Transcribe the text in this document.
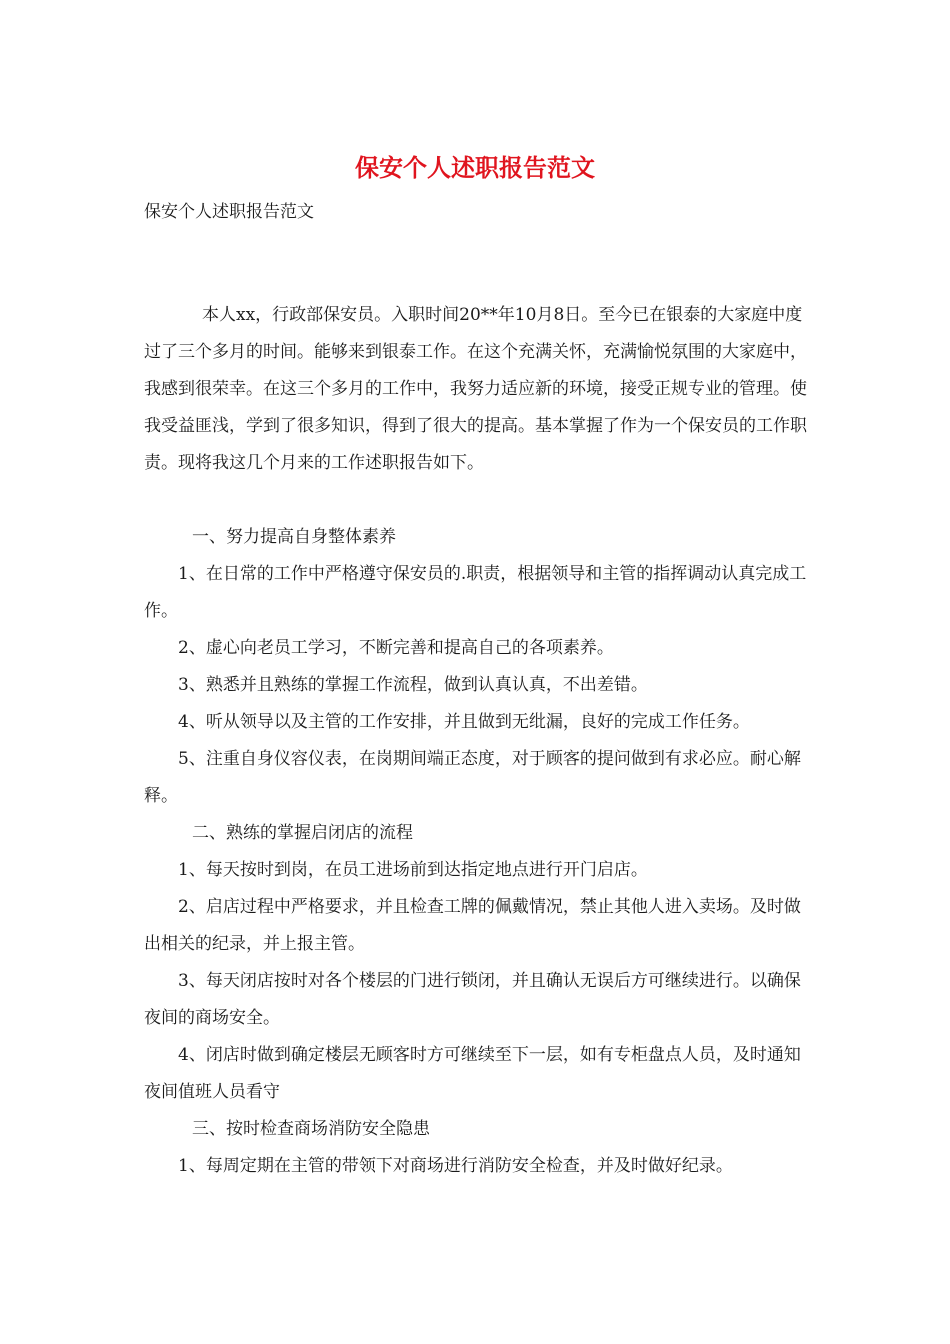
保安个人述职报告范文
保安个人述职报告范文

本人xx，行政部保安员。入职时间20**年10月8日。至今已在银泰的大家庭中度过了三个多月的时间。能够来到银泰工作。在这个充满关怀，充满愉悦氛围的大家庭中，我感到很荣幸。在这三个多月的工作中，我努力适应新的环境，接受正规专业的管理。使我受益匪浅，学到了很多知识，得到了很大的提高。基本掌握了作为一个保安员的工作职责。现将我这几个月来的工作述职报告如下。

一、努力提高自身整体素养

1、在日常的工作中严格遵守保安员的.职责，根据领导和主管的指挥调动认真完成工作。

2、虚心向老员工学习，不断完善和提高自己的各项素养。

3、熟悉并且熟练的掌握工作流程，做到认真认真，不出差错。

4、听从领导以及主管的工作安排，并且做到无纰漏，良好的完成工作任务。

5、注重自身仪容仪表，在岗期间端正态度，对于顾客的提问做到有求必应。耐心解释。

二、熟练的掌握启闭店的流程

1、每天按时到岗，在员工进场前到达指定地点进行开门启店。

2、启店过程中严格要求，并且检查工牌的佩戴情况，禁止其他人进入卖场。及时做出相关的纪录，并上报主管。

3、每天闭店按时对各个楼层的门进行锁闭，并且确认无误后方可继续进行。以确保夜间的商场安全。

4、闭店时做到确定楼层无顾客时方可继续至下一层，如有专柜盘点人员，及时通知夜间值班人员看守

三、按时检查商场消防安全隐患

1、每周定期在主管的带领下对商场进行消防安全检查，并及时做好纪录。
